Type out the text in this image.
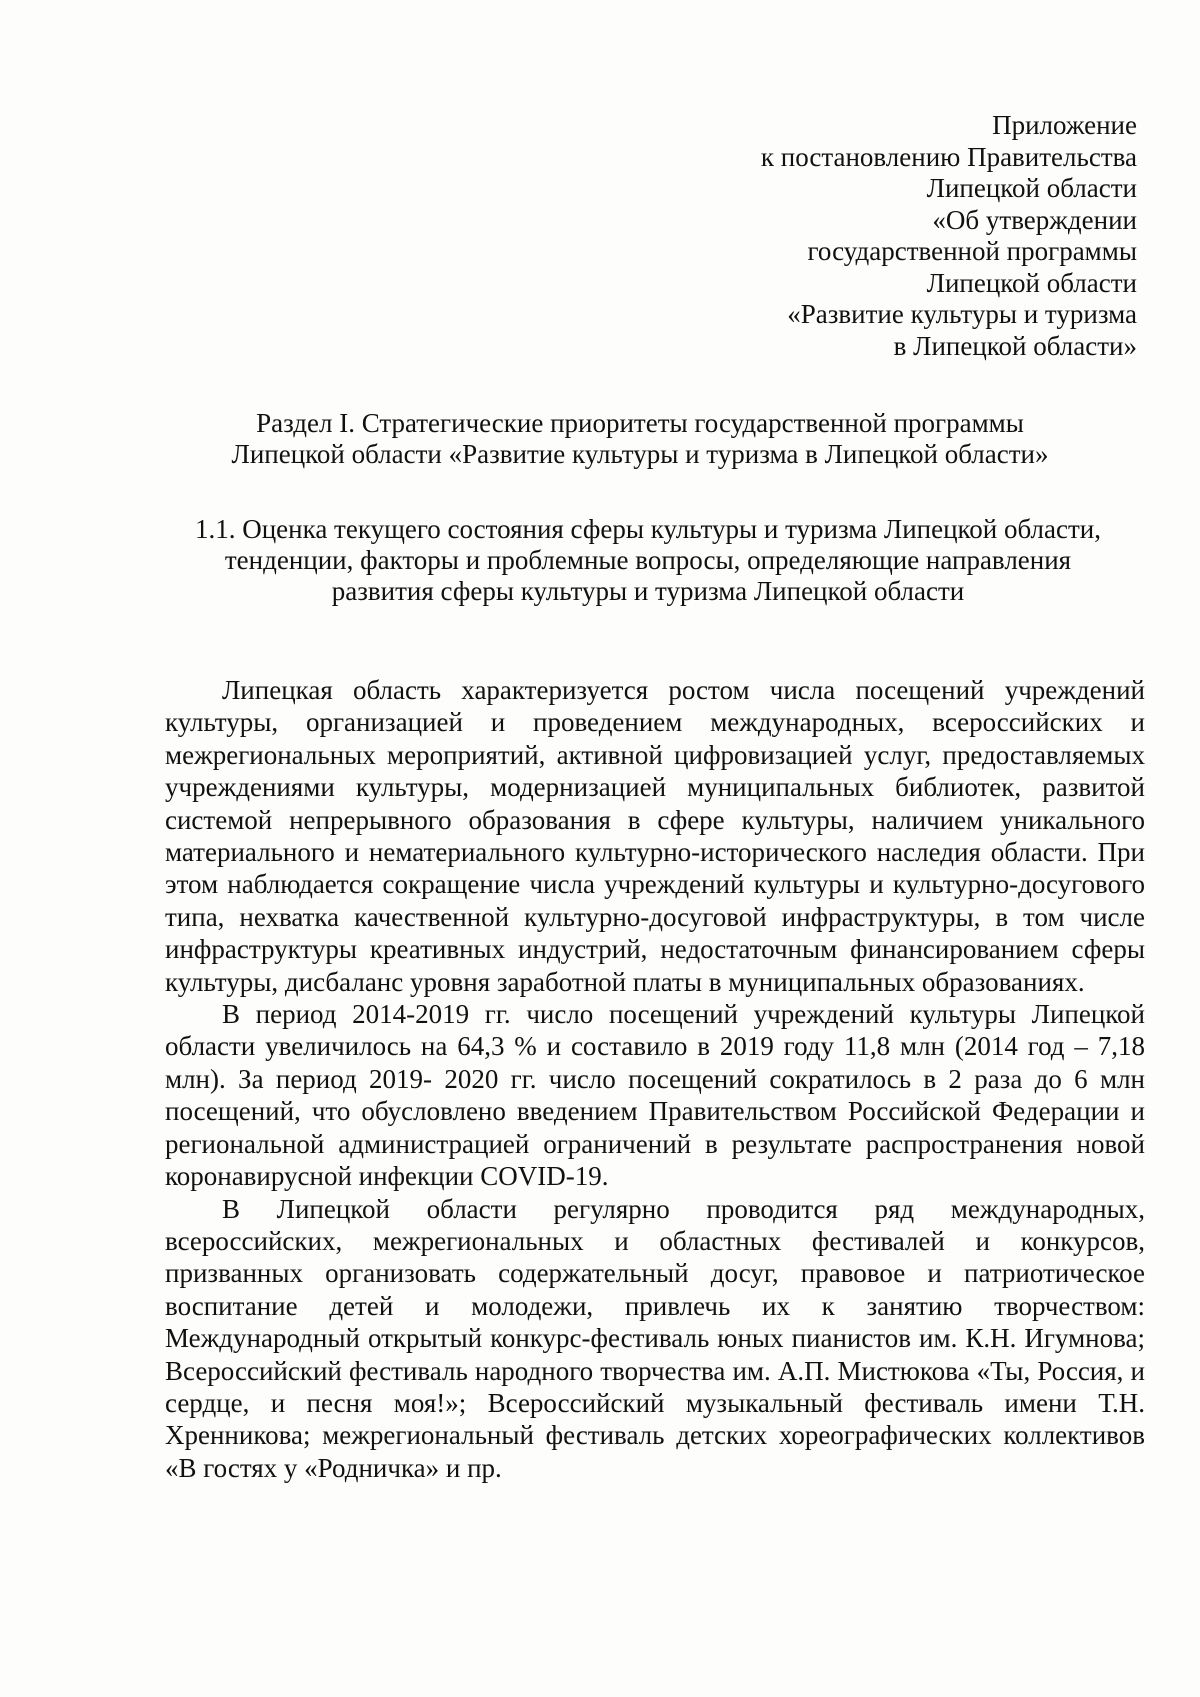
Приложение
к постановлению Правительства
Липецкой области
«Об утверждении
государственной программы
Липецкой области
«Развитие культуры и туризма
в Липецкой области»
Раздел I. Стратегические приоритеты государственной программы
Липецкой области «Развитие культуры и туризма в Липецкой области»
1.1. Оценка текущего состояния сферы культуры и туризма Липецкой области,
тенденции, факторы и проблемные вопросы, определяющие направления
развития сферы культуры и туризма Липецкой области

Липецкая область характеризуется ростом числа посещений учреждений культуры, организацией и проведением международных, всероссийских и межрегиональных мероприятий, активной цифровизацией услуг, предоставляемых учреждениями культуры, модернизацией муниципальных библиотек, развитой системой непрерывного образования в сфере культуры, наличием уникального материального и нематериального культурно-исторического наследия области. При этом наблюдается сокращение числа учреждений культуры и культурно-досугового типа, нехватка качественной культурно-досуговой инфраструктуры, в том числе инфраструктуры креативных индустрий, недостаточным финансированием сферы культуры, дисбаланс уровня заработной платы в муниципальных образованиях.

В период 2014-2019 гг. число посещений учреждений культуры Липецкой области увеличилось на 64,3 % и составило в 2019 году 11,8 млн (2014 год – 7,18 млн). За период 2019- 2020 гг. число посещений сократилось в 2 раза до 6 млн посещений, что обусловлено введением Правительством Российской Федерации и региональной администрацией ограничений в результате распространения новой коронавирусной инфекции COVID-19.

В Липецкой области регулярно проводится ряд международных, всероссийских, межрегиональных и областных фестивалей и конкурсов, призванных организовать содержательный досуг, правовое и патриотическое воспитание детей и молодежи, привлечь их к занятию творчеством: Международный открытый конкурс-фестиваль юных пианистов им. К.Н. Игумнова; Всероссийский фестиваль народного творчества им. А.П. Мистюкова «Ты, Россия, и сердце, и песня моя!»; Всероссийский музыкальный фестиваль имени Т.Н. Хренникова; межрегиональный фестиваль детских хореографических коллективов «В гостях у «Родничка» и пр.
